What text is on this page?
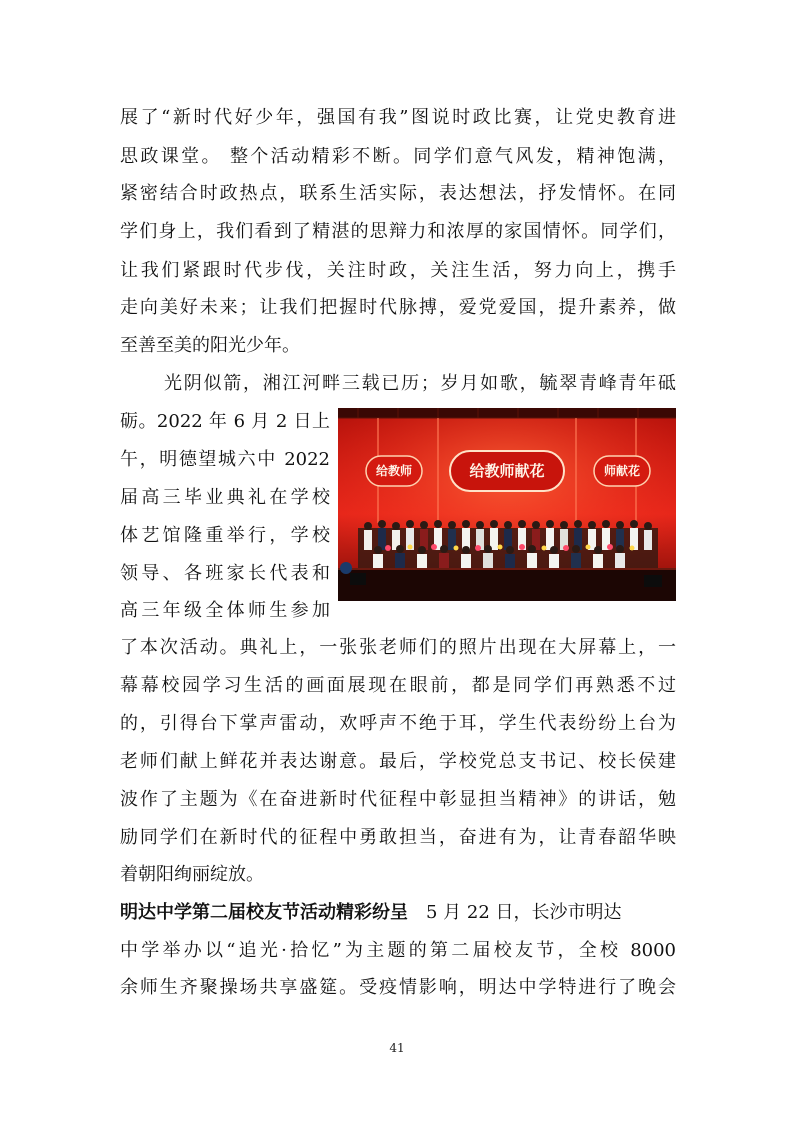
展了“新时代好少年，强国有我”图说时政比赛，让党史教育进
思政课堂。 整个活动精彩不断。同学们意气风发，精神饱满，
紧密结合时政热点，联系生活实际，表达想法，抒发情怀。在同
学们身上，我们看到了精湛的思辩力和浓厚的家国情怀。同学们，
让我们紧跟时代步伐，关注时政，关注生活，努力向上，携手
走向美好未来；让我们把握时代脉搏，爱党爱国，提升素养，做
至善至美的阳光少年。
光阴似箭，湘江河畔三载已历；岁月如歌，毓翠青峰青年砥
砺。2022 年 6 月 2 日上
午，明德望城六中 2022
届高三毕业典礼在学校
体艺馆隆重举行，学校
领导、各班家长代表和
高三年级全体师生参加
给教师献花
给教师	师献花
了本次活动。典礼上，一张张老师们的照片出现在大屏幕上，一
幕幕校园学习生活的画面展现在眼前，都是同学们再熟悉不过
的，引得台下掌声雷动，欢呼声不绝于耳，学生代表纷纷上台为
老师们献上鲜花并表达谢意。最后，学校党总支书记、校长侯建
波作了主题为《在奋进新时代征程中彰显担当精神》的讲话，勉
励同学们在新时代的征程中勇敢担当，奋进有为，让青春韶华映
着朝阳绚丽绽放。
明达中学第二届校友节活动精彩纷呈 5 月 22 日，长沙市明达
中学举办以“追光·拾忆”为主题的第二届校友节，全校 8000
余师生齐聚操场共享盛筵。受疫情影响，明达中学特进行了晚会
41
